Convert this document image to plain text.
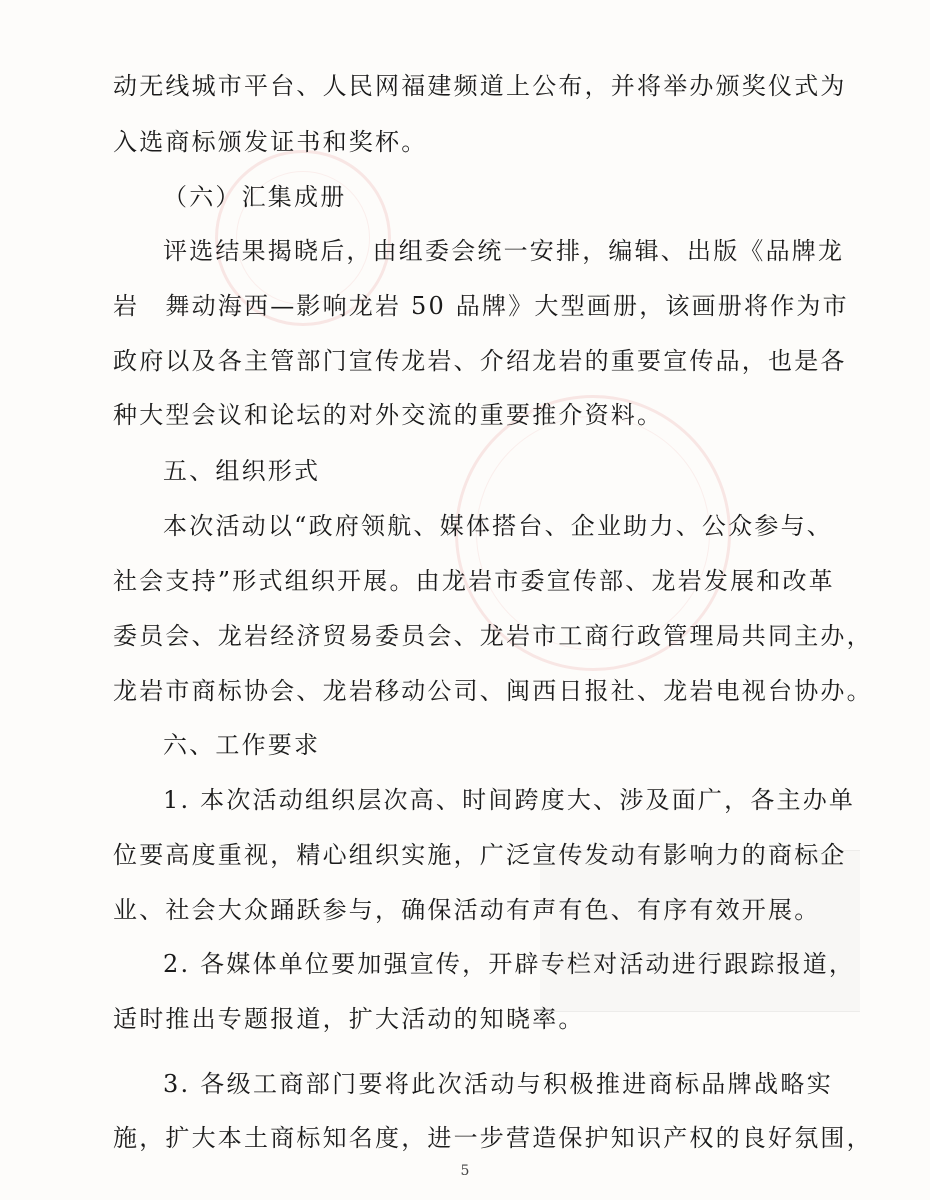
动无线城市平台、人民网福建频道上公布，并将举办颁奖仪式为
入选商标颁发证书和奖杯。
（六）汇集成册
评选结果揭晓后，由组委会统一安排，编辑、出版《品牌龙
岩　舞动海西—影响龙岩 50 品牌》大型画册，该画册将作为市
政府以及各主管部门宣传龙岩、介绍龙岩的重要宣传品，也是各
种大型会议和论坛的对外交流的重要推介资料。
五、组织形式
本次活动以“政府领航、媒体搭台、企业助力、公众参与、
社会支持”形式组织开展。由龙岩市委宣传部、龙岩发展和改革
委员会、龙岩经济贸易委员会、龙岩市工商行政管理局共同主办，
龙岩市商标协会、龙岩移动公司、闽西日报社、龙岩电视台协办。
六、工作要求
1. 本次活动组织层次高、时间跨度大、涉及面广，各主办单
位要高度重视，精心组织实施，广泛宣传发动有影响力的商标企
业、社会大众踊跃参与，确保活动有声有色、有序有效开展。
2. 各媒体单位要加强宣传，开辟专栏对活动进行跟踪报道，
适时推出专题报道，扩大活动的知晓率。
3. 各级工商部门要将此次活动与积极推进商标品牌战略实
施，扩大本土商标知名度，进一步营造保护知识产权的良好氛围，
5
